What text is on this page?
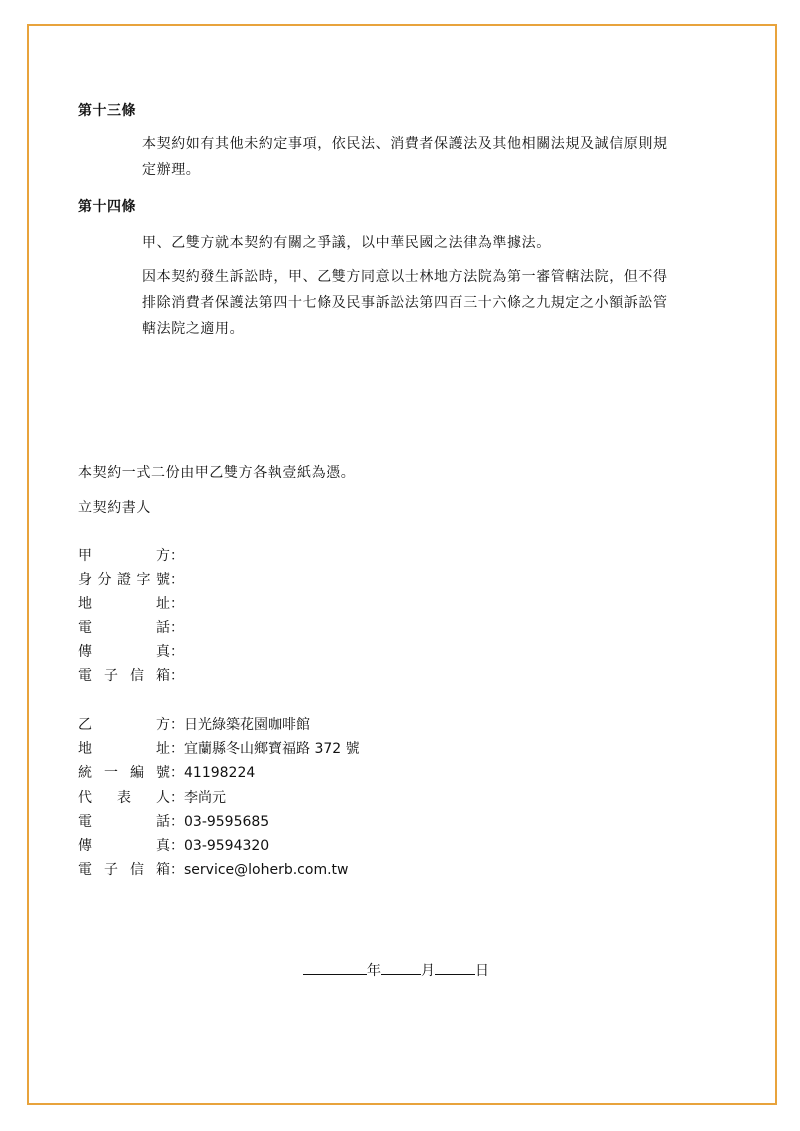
第十三條
本契約如有其他未約定事項，依民法、消費者保護法及其他相關法規及誠信原則規
定辦理。
第十四條
甲、乙雙方就本契約有關之爭議，以中華民國之法律為準據法。
因本契約發生訴訟時，甲、乙雙方同意以士林地方法院為第一審管轄法院，但不得
排除消費者保護法第四十七條及民事訴訟法第四百三十六條之九規定之小額訴訟管
轄法院之適用。
本契約一式二份由甲乙雙方各執壹紙為憑。
立契約書人
甲方：
身分證字號：
地址：
電話：
傳真：
電子信箱：
乙方：日光綠築花園咖啡館
地址：宜蘭縣冬山鄉寶福路 372 號
統一編號：41198224
代表人：李尚元
電話：03-9595685
傳真：03-9594320
電子信箱：service@loherb.com.tw
年	月	日
